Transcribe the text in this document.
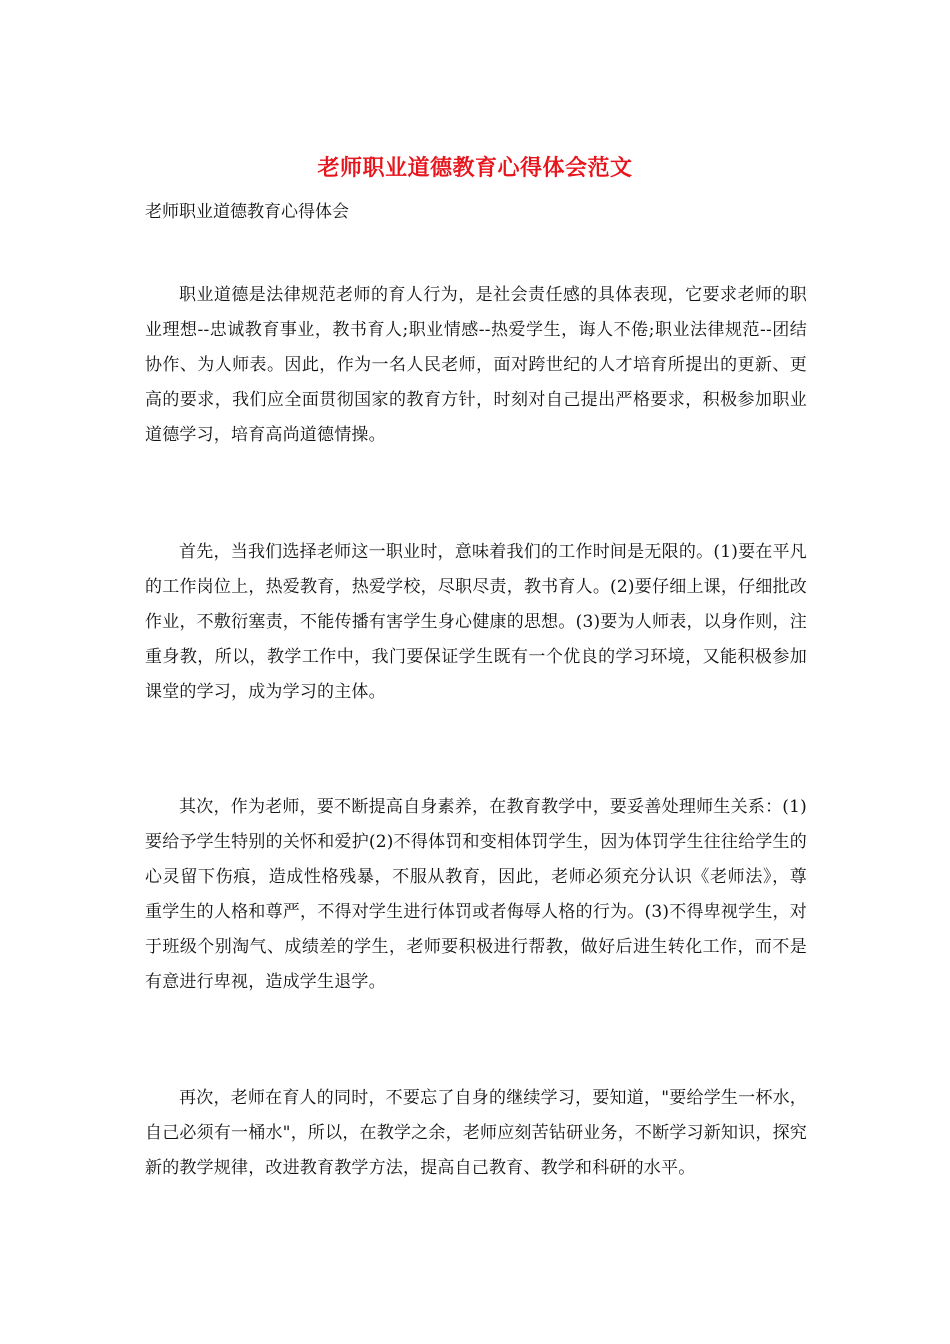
老师职业道德教育心得体会范文
老师职业道德教育心得体会

职业道德是法律规范老师的育人行为，是社会责任感的具体表现，它要求老师的职业理想--忠诚教育事业，教书育人;职业情感--热爱学生，诲人不倦;职业法律规范--团结协作、为人师表。因此，作为一名人民老师，面对跨世纪的人才培育所提出的更新、更高的要求，我们应全面贯彻国家的教育方针，时刻对自己提出严格要求，积极参加职业道德学习，培育高尚道德情操。

首先，当我们选择老师这一职业时，意味着我们的工作时间是无限的。(1)要在平凡的工作岗位上，热爱教育，热爱学校，尽职尽责，教书育人。(2)要仔细上课，仔细批改作业，不敷衍塞责，不能传播有害学生身心健康的思想。(3)要为人师表，以身作则，注重身教，所以，教学工作中，我门要保证学生既有一个优良的学习环境，又能积极参加课堂的学习，成为学习的主体。

其次，作为老师，要不断提高自身素养，在教育教学中，要妥善处理师生关系：(1)要给予学生特别的关怀和爱护(2)不得体罚和变相体罚学生，因为体罚学生往往给学生的心灵留下伤痕，造成性格残暴，不服从教育，因此，老师必须充分认识《老师法》，尊重学生的人格和尊严，不得对学生进行体罚或者侮辱人格的行为。(3)不得卑视学生，对于班级个别淘气、成绩差的学生，老师要积极进行帮教，做好后进生转化工作，而不是有意进行卑视，造成学生退学。

再次，老师在育人的同时，不要忘了自身的继续学习，要知道，"要给学生一杯水，自己必须有一桶水"，所以，在教学之余，老师应刻苦钻研业务，不断学习新知识，探究新的教学规律，改进教育教学方法，提高自己教育、教学和科研的水平。
